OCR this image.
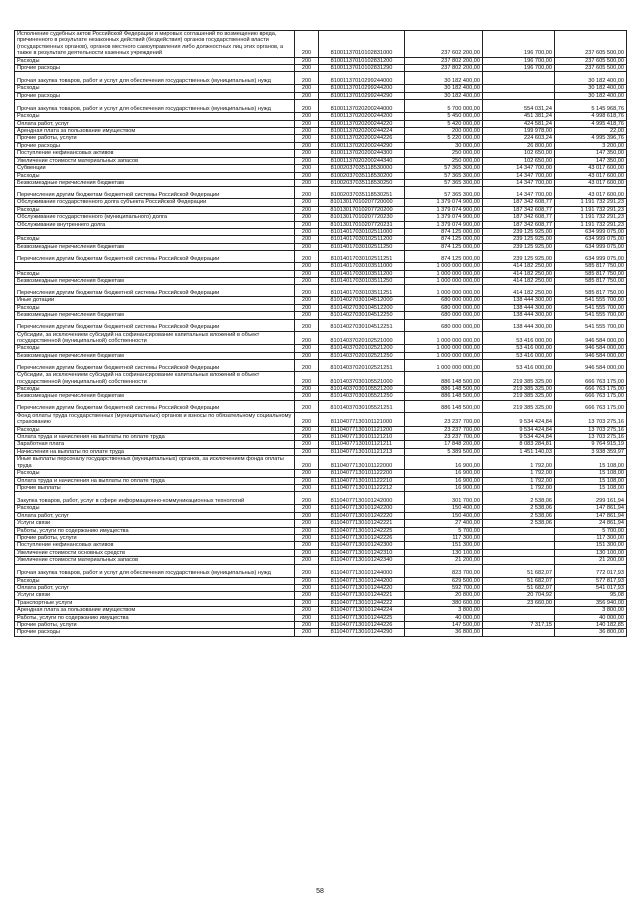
Исполнение судебных актов Российской Федерации и мировых соглашений по возмещению вреда, причиненного в результате незаконных действий (бездействия) органов государственной власти (государственных органов), органов местного самоуправления либо должностных лиц этих органов, а также в результате деятельности казенных учреждений	200	81001137010102831000	237 602 200,00	196 700,00	237 605 500,00
Расходы	200	81001137010102831200	237 802 200,00	196 700,00	237 605 500,00
Прочие расходы	200	81001137010102831290	237 802 200,00	196 700,00	237 605 500,00
Прочая закупка товаров, работ и услуг для обеспечения государственных (муниципальных) нужд	200	81001137010299244000	30 182 400,00		30 182 400,00
Расходы	200	81001137010299244200	30 182 400,00		30 182 400,00
Прочие расходы	200	81001137010299244290	30 182 400,00		30 182 400,00
Прочая закупка товаров, работ и услуг для обеспечения государственных (муниципальных) нужд	200	81001137020200244000	5 700 000,00	554 031,24	5 145 968,76
Расходы	200	81001137020200244200	5 450 000,00	451 381,24	4 998 618,76
Оплата работ, услуг	200	81001137020200244220	5 420 000,00	424 581,24	4 995 418,76
Арендная плата за пользование имуществом	200	81001137020200244224	200 000,00	199 978,00	22,00
Прочие работы, услуги	200	81001137020200244226	5 220 000,00	224 603,24	4 995 396,76
Прочие расходы	200	81001137020200244290	30 000,00	26 800,00	3 200,00
Поступление нефинансовых активов	200	81001137020200244300	250 000,00	102 650,00	147 350,00
Увеличение стоимости материальных запасов	200	81001137020200244340	250 000,00	102 650,00	147 350,00
Субвенции	200	81002037035118530000	57 365 300,00	14 347 700,00	43 017 600,00
Расходы	200	81002037035118530200	57 365 300,00	14 347 700,00	43 017 600,00
Безвозмездные перечисления бюджетам	200	81002037035118530250	57 365 300,00	14 347 700,00	43 017 600,00
Перечисления другим бюджетам бюджетной системы Российской Федерации	200	81002037035118530251	57 365 300,00	14 347 700,00	43 017 600,00
Обслуживание государственного долга субъекта Российской Федерации	200	81013017010207720000	1 379 074 900,00	187 342 608,77	1 191 732 291,23
Расходы	200	81013017010207720200	1 379 074 900,00	187 342 608,77	1 191 732 291,23
Обслуживание государственного (муниципального) долга	200	81013017010207720230	1 379 074 900,00	187 342 608,77	1 191 732 291,23
Обслуживание внутреннего долга	200	81013017010207720231	1 379 074 900,00	187 342 608,77	1 191 732 291,23
	200	81014017030102511000	874 125 000,00	239 125 925,00	634 999 075,00
Расходы	200	81014017030102511200	874 125 000,00	239 125 925,00	634 999 075,00
Безвозмездные перечисления бюджетам	200	81014017030102511250	874 125 000,00	239 125 925,00	634 999 075,00
Перечисления другим бюджетам бюджетной системы Российской Федерации	200	81014017030102511251	874 125 000,00	239 125 925,00	634 999 075,00
	200	81014017030103511000	1 000 000 000,00	414 182 250,00	585 817 750,00
Расходы	200	81014017030103511200	1 000 000 000,00	414 182 250,00	585 817 750,00
Безвозмездные перечисления бюджетам	200	81014017030103511250	1 000 000 000,00	414 182 250,00	585 817 750,00
Перечисления другим бюджетам бюджетной системы Российской Федерации	200	81014017030103511251	1 000 000 000,00	414 182 250,00	585 817 750,00
Иные дотации	200	81014027030104512000	680 000 000,00	138 444 300,00	541 555 700,00
Расходы	200	81014027030104512200	680 000 000,00	138 444 300,00	541 555 700,00
Безвозмездные перечисления бюджетам	200	81014027030104512250	680 000 000,00	138 444 300,00	541 555 700,00
Перечисления другим бюджетам бюджетной системы Российской Федерации	200	81014027030104512251	680 000 000,00	138 444 300,00	541 555 700,00
Субсидии, за исключением субсидий на софинансирование капитальных вложений в объект государственной (муниципальной) собственности	200	81014037020102521000	1 000 000 000,00	53 416 000,00	946 584 000,00
Расходы	200	81014037020102521200	1 000 000 000,00	53 416 000,00	946 584 000,00
Безвозмездные перечисления бюджетам	200	81014037020102521250	1 000 000 000,00	53 416 000,00	946 584 000,00
Перечисления другим бюджетам бюджетной системы Российской Федерации	200	81014037020102521251	1 000 000 000,00	53 416 000,00	946 584 000,00
Субсидии, за исключением субсидий на софинансирование капитальных вложений в объект государственной (муниципальной) собственности	200	81014037030105521000	886 148 500,00	219 385 325,00	666 763 175,00
Расходы	200	81014037030105521200	886 148 500,00	219 385 325,00	666 763 175,00
Безвозмездные перечисления бюджетам	200	81014037030105521250	886 148 500,00	219 385 325,00	666 763 175,00
Перечисления другим бюджетам бюджетной системы Российской Федерации	200	81014037030105521251	886 148 500,00	219 385 325,00	666 763 175,00
Фонд оплаты труда государственных (муниципальных) органов и взносы по обязательному социальному страхованию	200	81104077130101121000	23 237 700,00	9 534 424,84	13 703 275,16
Расходы	200	81104077130101121200	23 237 700,00	9 534 424,84	13 703 275,16
Оплата труда и начисления на выплаты по оплате труда	200	81104077130101121210	23 237 700,00	9 534 424,84	13 703 275,16
Заработная плата	200	81104077130101121211	17 848 200,00	8 083 284,81	9 764 915,19
Начисления на выплаты по оплате труда	200	81104077130101121213	5 389 500,00	1 451 140,03	3 938 359,97
Иные выплаты персоналу государственных (муниципальных) органов, за исключением фонда оплаты труда	200	81104077130101122000	16 900,00	1 792,00	15 108,00
Расходы	200	81104077130101122200	16 900,00	1 792,00	15 108,00
Оплата труда и начисления на выплаты по оплате труда	200	81104077130101122210	16 900,00	1 792,00	15 108,00
Прочие выплаты	200	81104077130101122212	16 900,00	1 792,00	15 108,00
Закупка товаров, работ, услуг в сфере информационно-коммуникационных технологий	200	81104077130101242000	301 700,00	2 538,06	299 161,94
Расходы	200	81104077130101242200	150 400,00	2 538,06	147 861,94
Оплата работ, услуг	200	81104077130101242220	150 400,00	2 538,06	147 861,94
Услуги связи	200	81104077130101242221	27 400,00	2 538,06	24 861,94
Работы, услуги по содержанию имущества	200	81104077130101242225	5 700,00		5 700,00
Прочие работы, услуги	200	81104077130101242226	117 300,00		117 300,00
Поступление нефинансовых активов	200	81104077130101242300	151 300,00		151 300,00
Увеличение стоимости основных средств	200	81104077130101242310	130 100,00		130 100,00
Увеличение стоимости материальных запасов	200	81104077130101242340	21 200,00		21 200,00
Прочая закупка товаров, работ и услуг для обеспечения государственных (муниципальных) нужд	200	81104077130101244000	823 700,00	51 682,07	772 017,93
Расходы	200	81104077130101244200	629 500,00	51 682,07	577 817,93
Оплата работ, услуг	200	81104077130101244220	592 700,00	51 682,07	541 017,93
Услуги связи	200	81104077130101244221	20 800,00	20 704,92	95,08
Транспортные услуги	200	81104077130101244222	380 600,00	23 660,00	356 940,00
Арендная плата за пользование имуществом	200	81104077130101244224	3 800,00		3 800,00
Работы, услуги по содержанию имущества	200	81104077130101244225	40 000,00		40 000,00
Прочие работы, услуги	200	81104077130101244226	147 500,00	7 317,15	140 182,85
Прочие расходы	200	81104077130101244290	36 800,00		36 800,00
58
